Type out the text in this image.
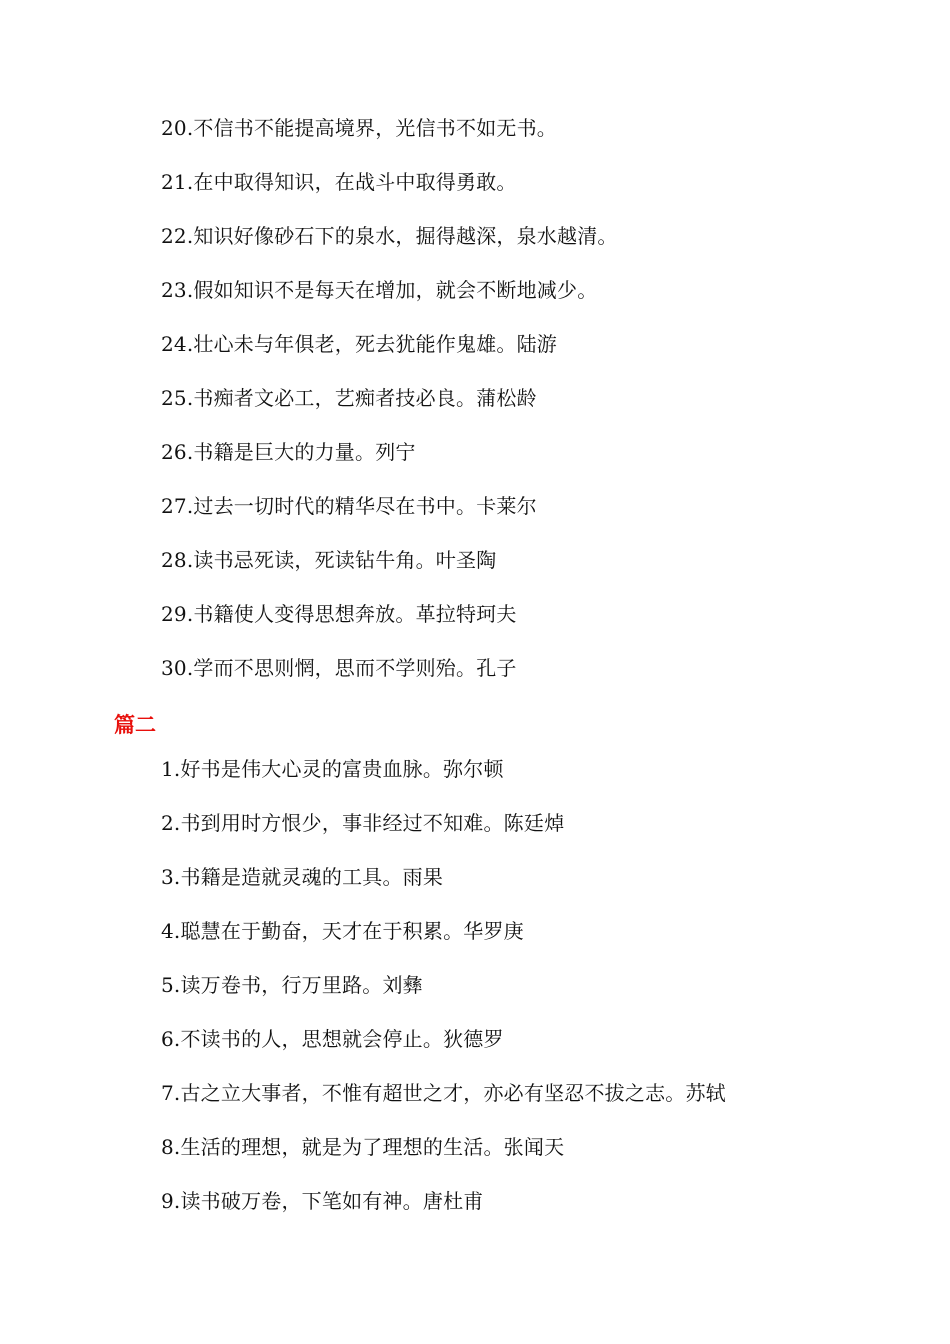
20.不信书不能提高境界，光信书不如无书。
21.在中取得知识，在战斗中取得勇敢。
22.知识好像砂石下的泉水，掘得越深，泉水越清。
23.假如知识不是每天在增加，就会不断地减少。
24.壮心未与年俱老，死去犹能作鬼雄。陆游
25.书痴者文必工，艺痴者技必良。蒲松龄
26.书籍是巨大的力量。列宁
27.过去一切时代的精华尽在书中。卡莱尔
28.读书忌死读，死读钻牛角。叶圣陶
29.书籍使人变得思想奔放。革拉特珂夫
30.学而不思则惘，思而不学则殆。孔子
篇二
1.好书是伟大心灵的富贵血脉。弥尔顿
2.书到用时方恨少，事非经过不知难。陈廷焯
3.书籍是造就灵魂的工具。雨果
4.聪慧在于勤奋，天才在于积累。华罗庚
5.读万卷书，行万里路。刘彝
6.不读书的人，思想就会停止。狄德罗
7.古之立大事者，不惟有超世之才，亦必有坚忍不拔之志。苏轼
8.生活的理想，就是为了理想的生活。张闻天
9.读书破万卷，下笔如有神。唐杜甫
